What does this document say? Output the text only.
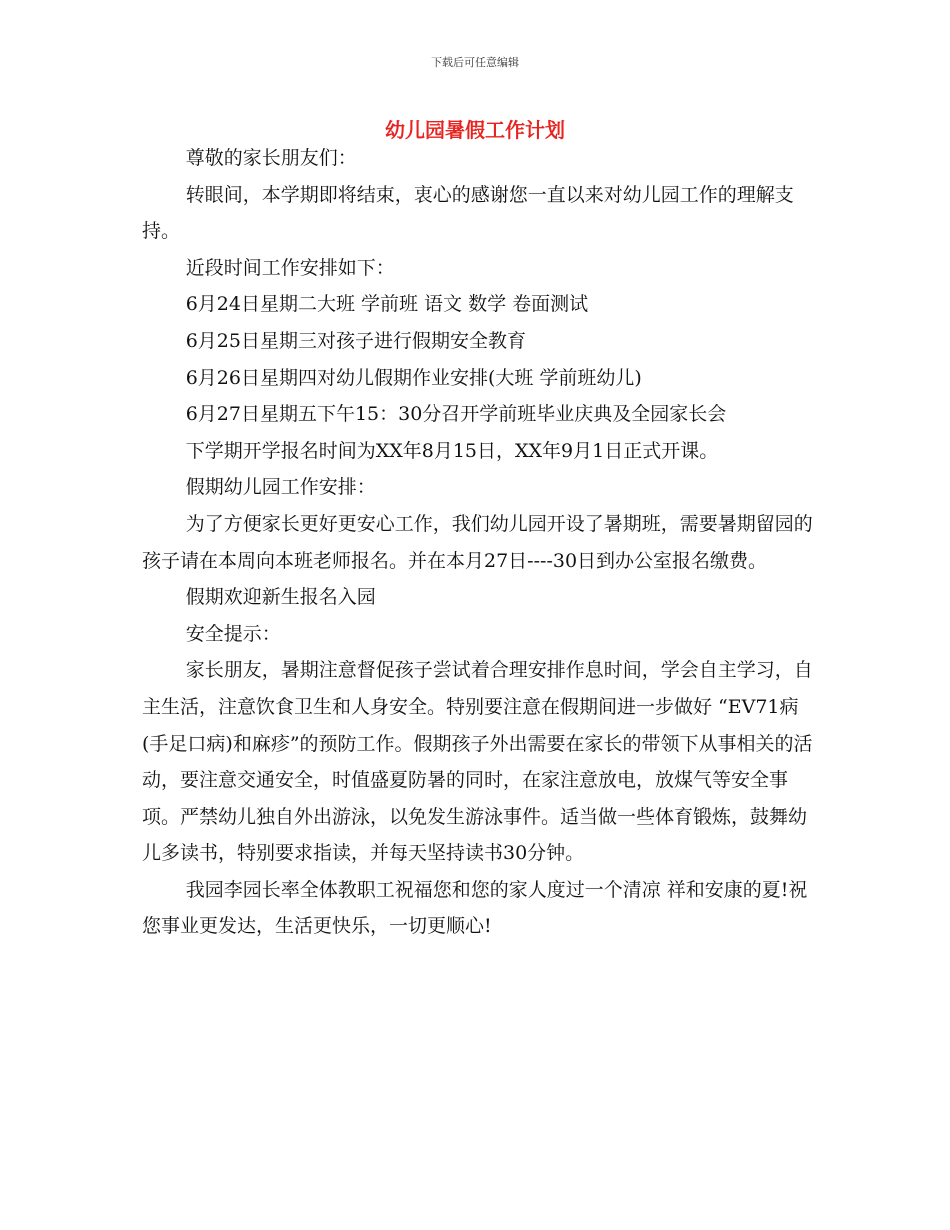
下载后可任意编辑
幼儿园暑假工作计划

尊敬的家长朋友们：

转眼间，本学期即将结束，衷心的感谢您一直以来对幼儿园工作的理解支持。

近段时间工作安排如下：

6月24日星期二大班 学前班 语文 数学 卷面测试

6月25日星期三对孩子进行假期安全教育

6月26日星期四对幼儿假期作业安排(大班 学前班幼儿)

6月27日星期五下午15：30分召开学前班毕业庆典及全园家长会

下学期开学报名时间为XX年8月15日，XX年9月1日正式开课。

假期幼儿园工作安排：

为了方便家长更好更安心工作，我们幼儿园开设了暑期班，需要暑期留园的孩子请在本周向本班老师报名。并在本月27日----30日到办公室报名缴费。

假期欢迎新生报名入园

安全提示：

家长朋友，暑期注意督促孩子尝试着合理安排作息时间，学会自主学习，自主生活，注意饮食卫生和人身安全。特别要注意在假期间进一步做好 “EV71病(手足口病)和麻疹”的预防工作。假期孩子外出需要在家长的带领下从事相关的活动，要注意交通安全，时值盛夏防暑的同时，在家注意放电，放煤气等安全事项。严禁幼儿独自外出游泳，以免发生游泳事件。适当做一些体育锻炼，鼓舞幼儿多读书，特别要求指读，并每天坚持读书30分钟。

我园李园长率全体教职工祝福您和您的家人度过一个清凉 祥和安康的夏!祝您事业更发达，生活更快乐，一切更顺心!
